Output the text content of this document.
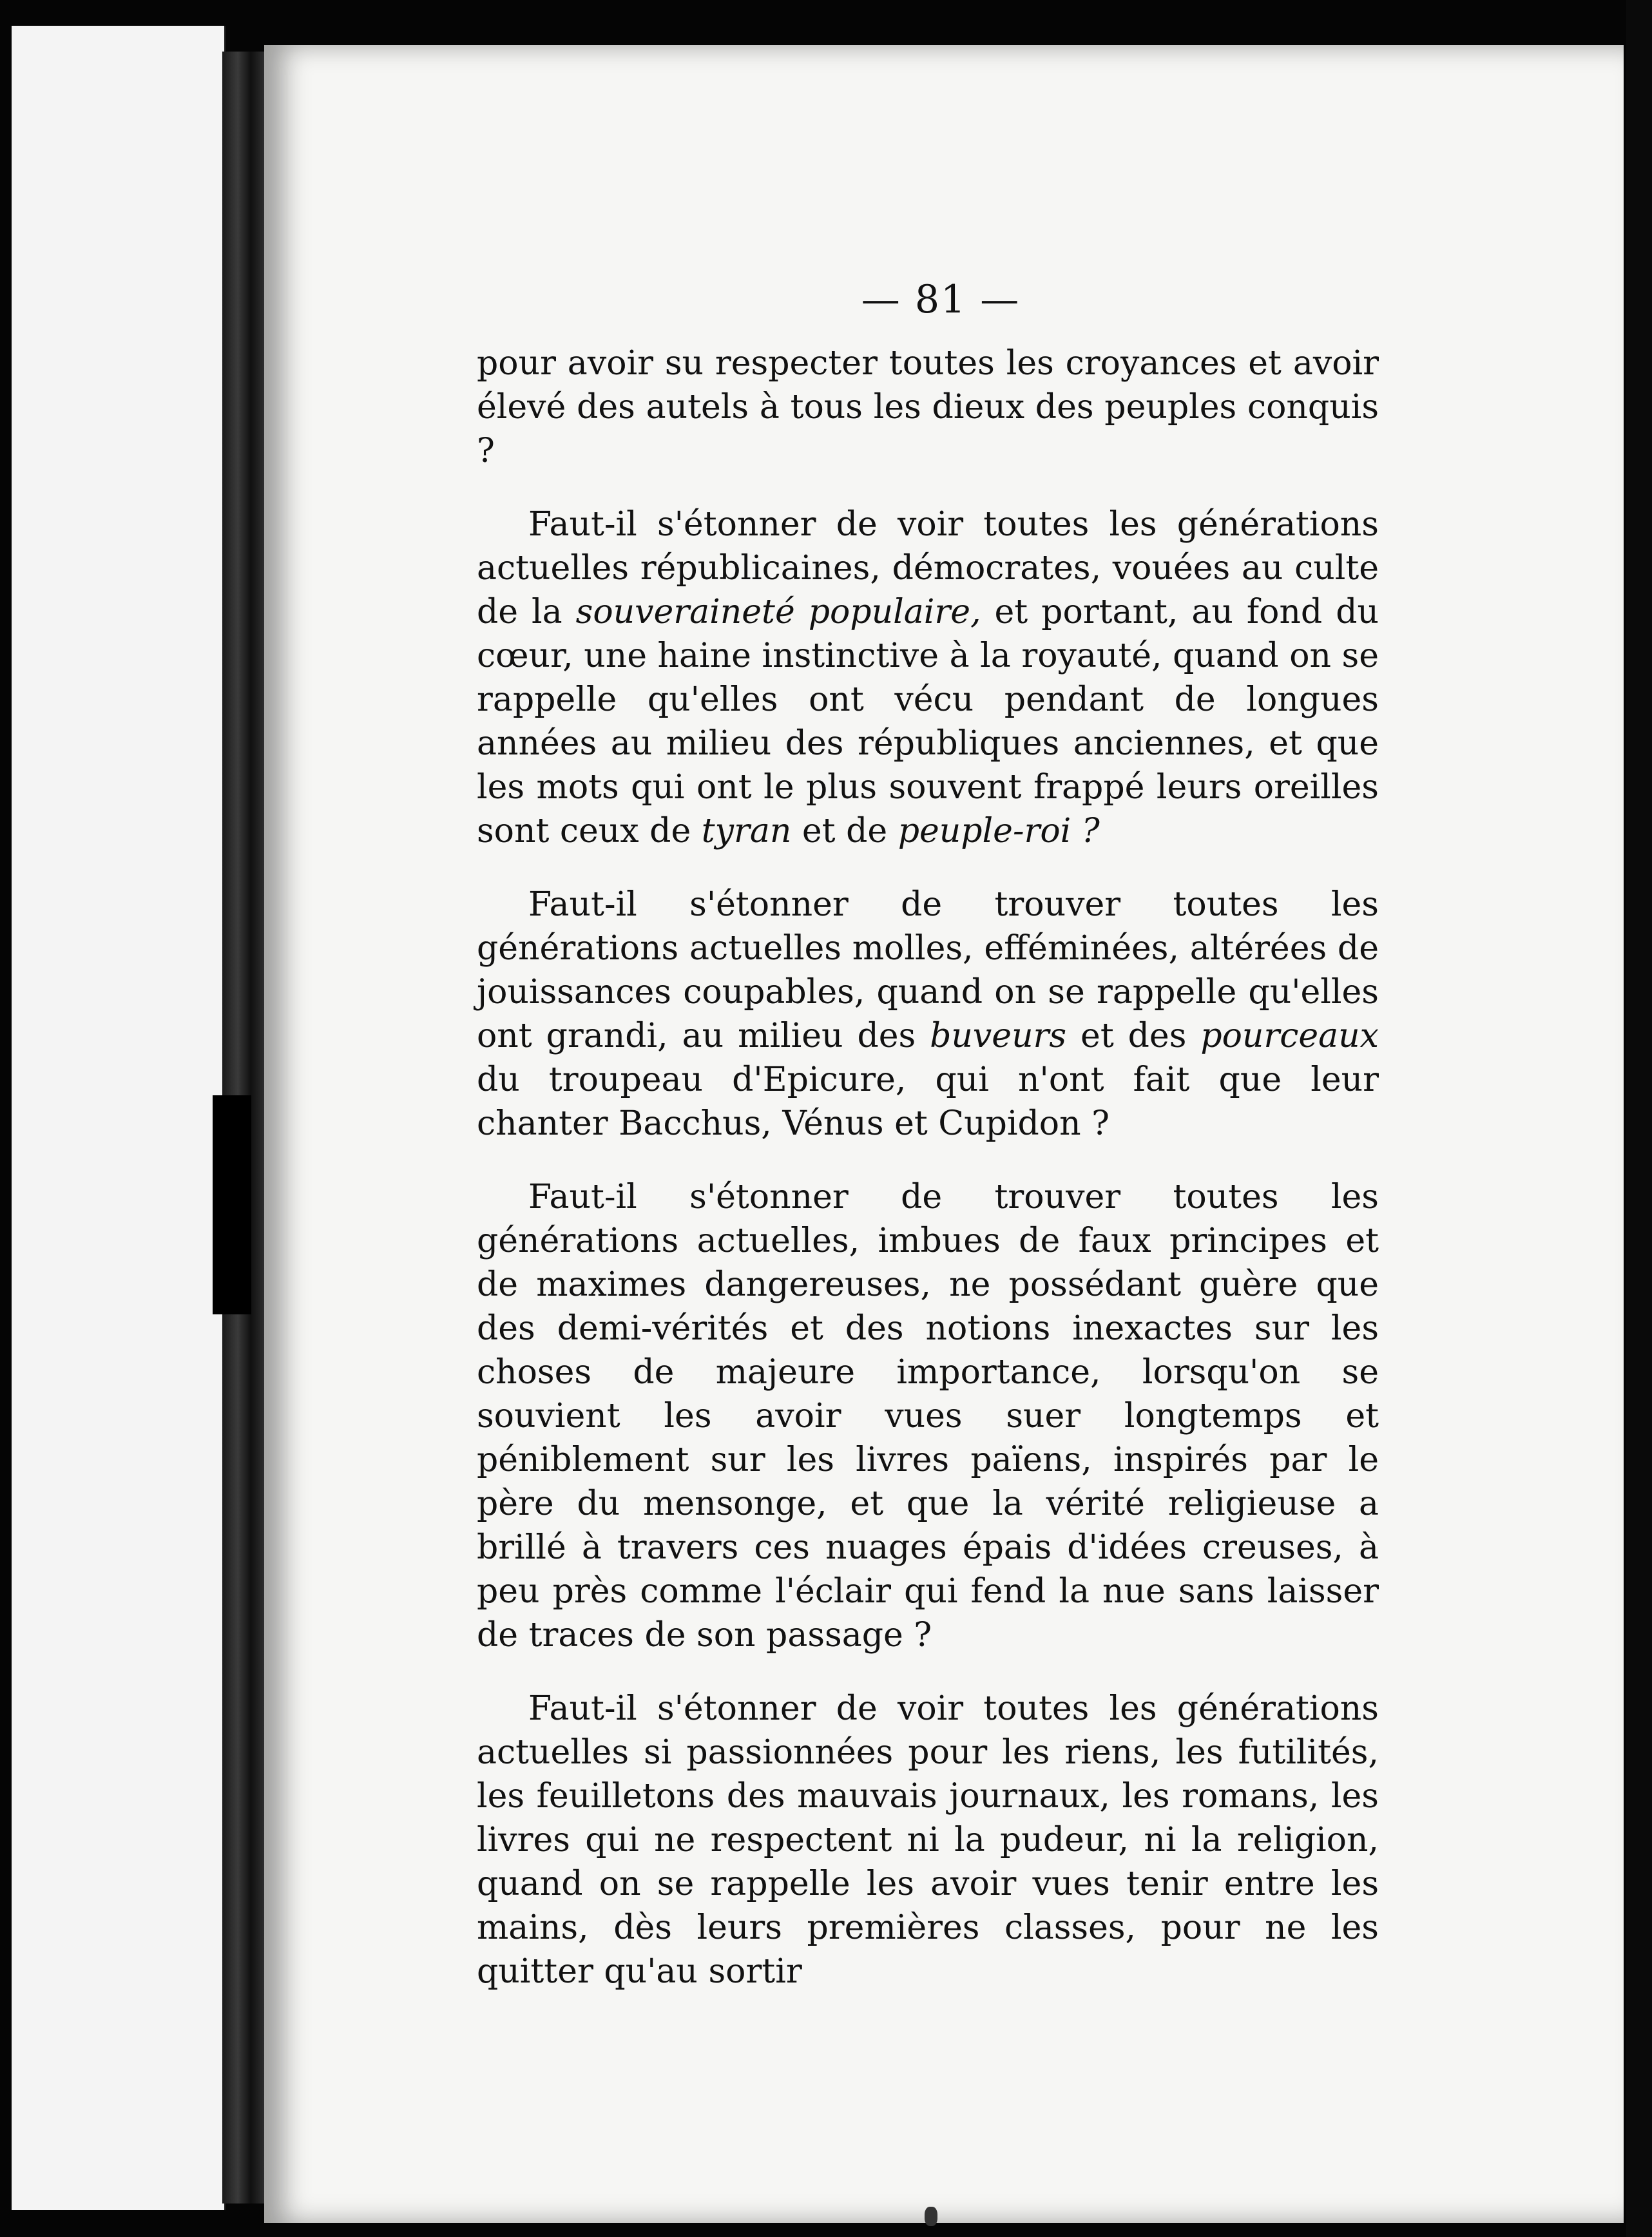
— 81 —

pour avoir su respecter toutes les croyances et avoir élevé des autels à tous les dieux des peuples conquis ?

Faut-il s'étonner de voir toutes les générations actuelles républicaines, démocrates, vouées au culte de la souveraineté populaire, et portant, au fond du cœur, une haine instinctive à la royauté, quand on se rappelle qu'elles ont vécu pendant de longues années au milieu des républiques anciennes, et que les mots qui ont le plus souvent frappé leurs oreilles sont ceux de tyran et de peuple-roi ?

Faut-il s'étonner de trouver toutes les générations actuelles molles, efféminées, altérées de jouissances coupables, quand on se rappelle qu'elles ont grandi, au milieu des buveurs et des pourceaux du troupeau d'Epicure, qui n'ont fait que leur chanter Bacchus, Vénus et Cupidon ?

Faut-il s'étonner de trouver toutes les générations actuelles, imbues de faux principes et de maximes dangereuses, ne possédant guère que des demi-vérités et des notions inexactes sur les choses de majeure importance, lorsqu'on se souvient les avoir vues suer longtemps et péniblement sur les livres païens, inspirés par le père du mensonge, et que la vérité religieuse a brillé à travers ces nuages épais d'idées creuses, à peu près comme l'éclair qui fend la nue sans laisser de traces de son passage ?

Faut-il s'étonner de voir toutes les générations actuelles si passionnées pour les riens, les futilités, les feuilletons des mauvais journaux, les romans, les livres qui ne respectent ni la pudeur, ni la religion, quand on se rappelle les avoir vues tenir entre les mains, dès leurs premières classes, pour ne les quitter qu'au sortir
